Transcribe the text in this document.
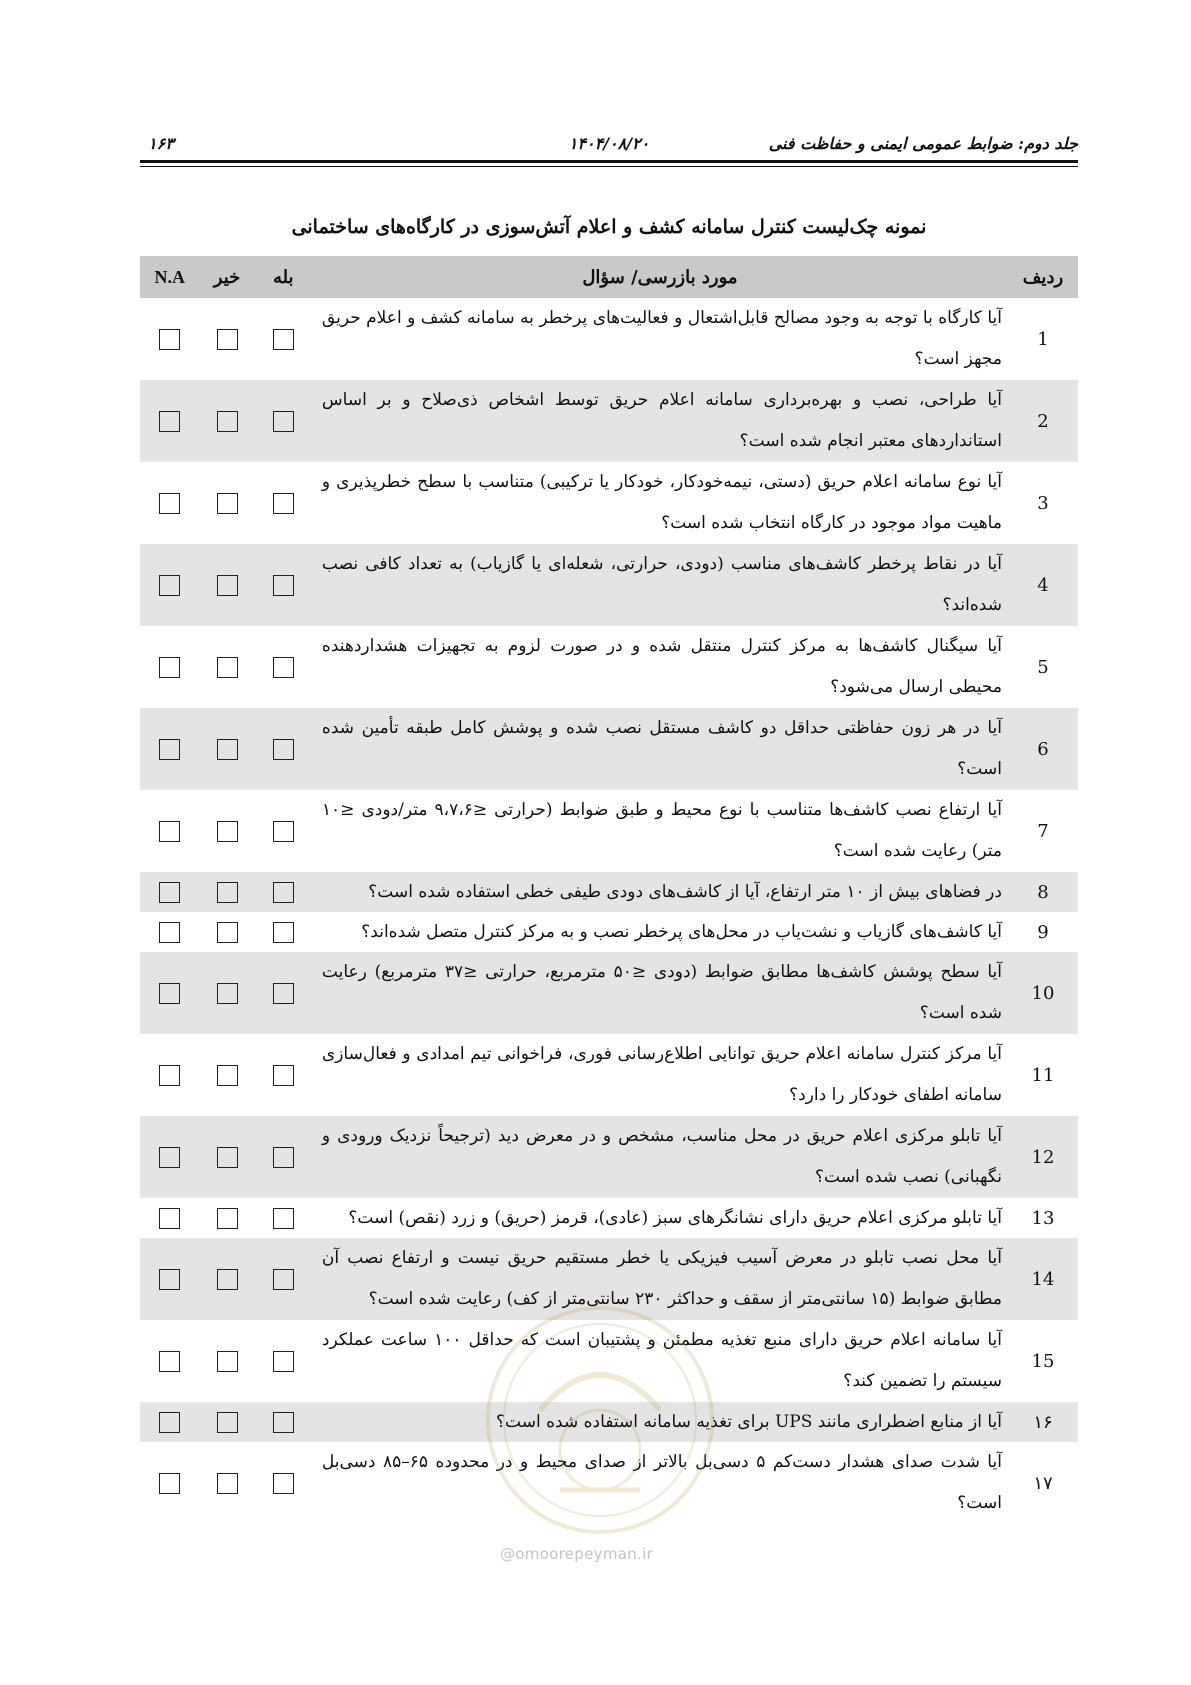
جلد دوم: ضوابط عمومی ایمنی و حفاظت فنی
۱۴۰۴/۰۸/۲۰
۱۶۳
نمونه چک‌لیست کنترل سامانه کشف و اعلام آتش‌سوزی در کارگاه‌های ساختمانی
ردیف	مورد بازرسی/ سؤال	بله	خیر	N.A
1	آیا کارگاه با توجه به وجود مصالح قابل‌اشتعال و فعالیت‌های پرخطر به سامانه کشف و اعلام حریق مجهز است؟			
2	آیا طراحی، نصب و بهره‌برداری سامانه اعلام حریق توسط اشخاص ذی‌صلاح و بر اساس استانداردهای معتبر انجام شده است؟			
3	آیا نوع سامانه اعلام حریق (دستی، نیمه‌خودکار، خودکار یا ترکیبی) متناسب با سطح خطرپذیری و ماهیت مواد موجود در کارگاه انتخاب شده است؟			
4	آیا در نقاط پرخطر کاشف‌های مناسب (دودی، حرارتی، شعله‌ای یا گازیاب) به تعداد کافی نصب شده‌اند؟			
5	آیا سیگنال کاشف‌ها به مرکز کنترل منتقل شده و در صورت لزوم به تجهیزات هشداردهنده محیطی ارسال می‌شود؟			
6	آیا در هر زون حفاظتی حداقل دو کاشف مستقل نصب شده و پوشش کامل طبقه تأمین شده است؟			
7	آیا ارتفاع نصب کاشف‌ها متناسب با نوع محیط و طبق ضوابط (حرارتی ≤۹،۷،۶ متر/دودی ≤۱۰ متر) رعایت شده است؟			
8	در فضاهای بیش از ۱۰ متر ارتفاع، آیا از کاشف‌های دودی طیفی خطی استفاده شده است؟			
9	آیا کاشف‌های گازیاب و نشت‌یاب در محل‌های پرخطر نصب و به مرکز کنترل متصل شده‌اند؟			
10	آیا سطح پوشش کاشف‌ها مطابق ضوابط (دودی ≤۵۰ مترمربع، حرارتی ≤۳۷ مترمربع) رعایت شده است؟			
11	آیا مرکز کنترل سامانه اعلام حریق توانایی اطلاع‌رسانی فوری، فراخوانی تیم امدادی و فعال‌سازی سامانه اطفای خودکار را دارد؟			
12	آیا تابلو مرکزی اعلام حریق در محل مناسب، مشخص و در معرض دید (ترجیحاً نزدیک ورودی و نگهبانی) نصب شده است؟			
13	آیا تابلو مرکزی اعلام حریق دارای نشانگرهای سبز (عادی)، قرمز (حریق) و زرد (نقص) است؟			
14	آیا محل نصب تابلو در معرض آسیب فیزیکی یا خطر مستقیم حریق نیست و ارتفاع نصب آن مطابق ضوابط (۱۵ سانتی‌متر از سقف و حداکثر ۲۳۰ سانتی‌متر از کف) رعایت شده است؟			
15	آیا سامانه اعلام حریق دارای منبع تغذیه مطمئن و پشتیبان است که حداقل ۱۰۰ ساعت عملکرد سیستم را تضمین کند؟			
۱۶	آیا از منابع اضطراری مانند UPS برای تغذیه سامانه استفاده شده است؟			
۱۷	آیا شدت صدای هشدار دست‌کم ۵ دسی‌بل بالاتر از صدای محیط و در محدوده ۶۵–۸۵ دسی‌بل است؟			
@omoorepeyman.ir
